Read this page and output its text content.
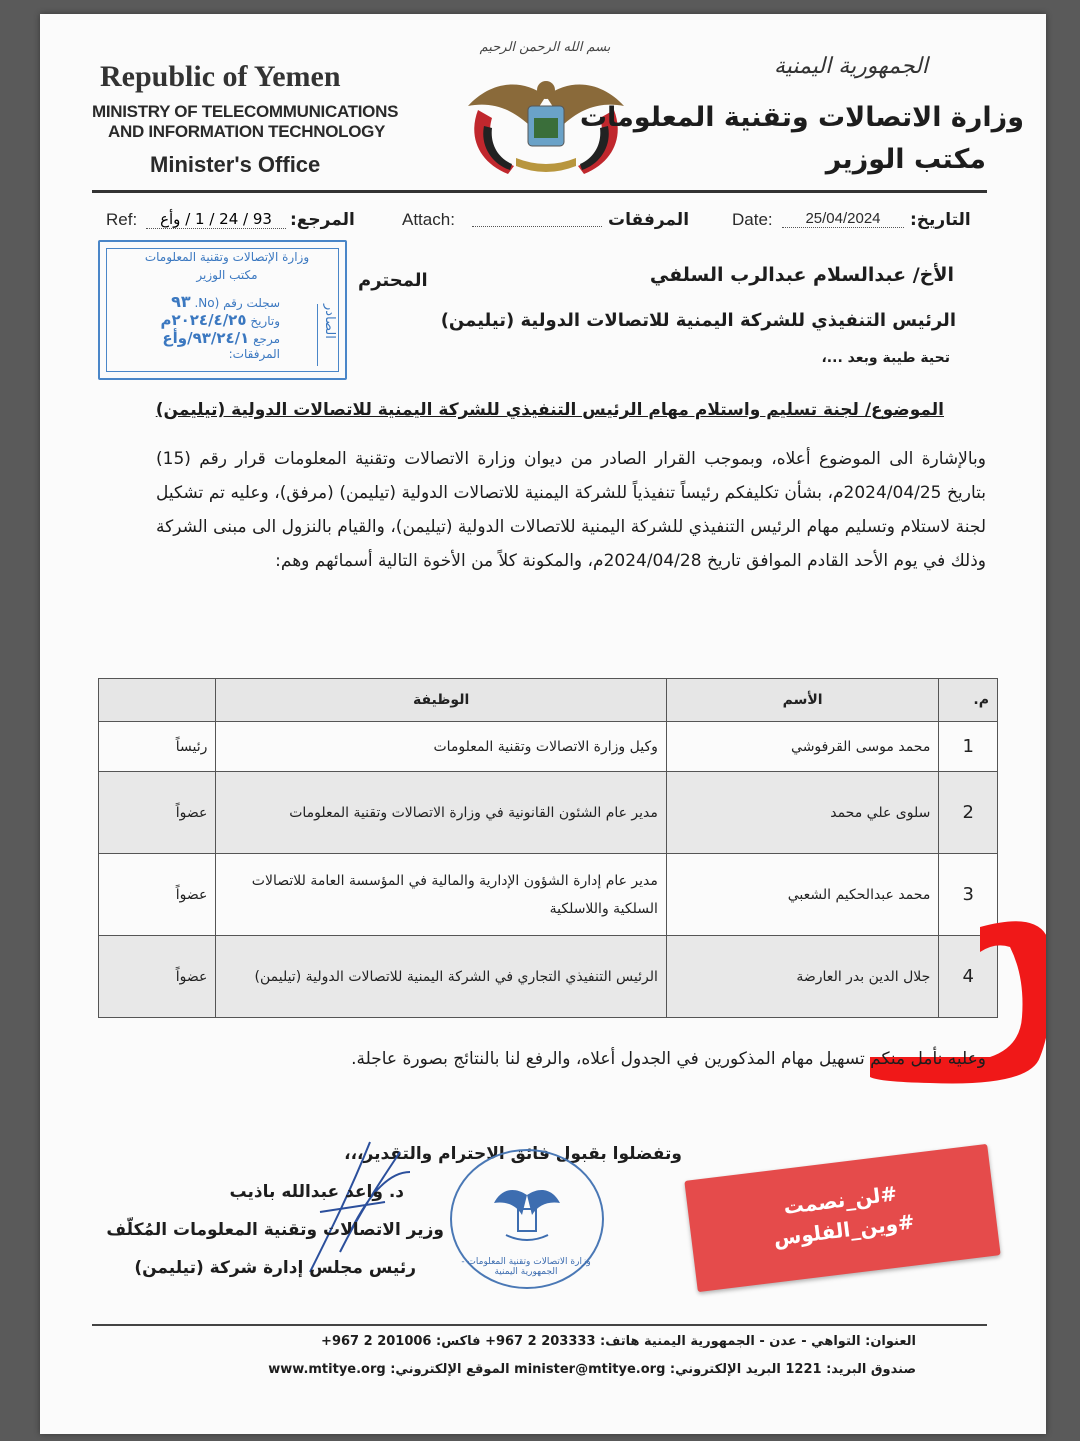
Republic of Yemen
MINISTRY OF TELECOMMUNICATIONS
AND INFORMATION TECHNOLOGY
Minister's Office
بسم الله الرحمن الرحيم
الجمهورية اليمنية
وزارة الاتصالات وتقنية المعلومات
مكتب الوزير
Ref:	93 / 24 / 1 / وأع	المرجع:	Attach:	المرفقات	Date:	25/04/2024	التاريخ:
وزارة الإتصالات وتقنية المعلومات
مكتب الوزير
الصادر
سجلت رقم (No. ٩٣
وتاريخ ٢٠٢٤/٤/٢٥م
مرجع ٩٣/٢٤/١/وأع
المرفقات:
الأخ/ عبدالسلام عبدالرب السلفي
المحترم
الرئيس التنفيذي للشركة اليمنية للاتصالات الدولية (تيليمن)
تحية طيبة وبعد ...،
الموضوع/ لجنة تسليم واستلام مهام الرئيس التنفيذي للشركة اليمنية للاتصالات الدولية (تيليمن)
وبالإشارة الى الموضوع أعلاه، وبموجب القرار الصادر من ديوان وزارة الاتصالات وتقنية المعلومات قرار رقم (15) بتاريخ 2024/04/25م، بشأن تكليفكم رئيساً تنفيذياً للشركة اليمنية للاتصالات الدولية (تيليمن) (مرفق)، وعليه تم تشكيل لجنة لاستلام وتسليم مهام الرئيس التنفيذي للشركة اليمنية للاتصالات الدولية (تيليمن)، والقيام بالنزول الى مبنى الشركة وذلك في يوم الأحد القادم الموافق تاريخ 2024/04/28م، والمكونة كلاً من الأخوة التالية أسمائهم وهم:
م.	الأسم	الوظيفة	
1	محمد موسى القرفوشي	وكيل وزارة الاتصالات وتقنية المعلومات	رئيساً
2	سلوى علي محمد	مدير عام الشئون القانونية في وزارة الاتصالات وتقنية المعلومات	عضواً
3	محمد عبدالحكيم الشعبي	مدير عام إدارة الشؤون الإدارية والمالية في المؤسسة العامة للاتصالات السلكية واللاسلكية	عضواً
4	جلال الدين بدر العارضة	الرئيس التنفيذي التجاري في الشركة اليمنية للاتصالات الدولية (تيليمن)	عضواً
وعليه نأمل منكم تسهيل مهام المذكورين في الجدول أعلاه، والرفع لنا بالنتائج بصورة عاجلة.
وتفضلوا بقبول فائق الاحترام والتقدير،،،
د. واعد عبدالله باذيب
وزير الاتصالات وتقنية المعلومات المُكلّف
رئيس مجلس إدارة شركة (تيليمن)	وزارة الاتصالات وتقنية المعلومات - الجمهورية اليمنية
#لن_نصمت
#وين_الفلوس
العنوان: التواهي - عدن - الجمهورية اليمنية هاتف: 203333 2 967+ فاكس: 201006 2 967+
صندوق البريد: 1221 البريد الإلكتروني: minister@mtitye.org الموقع الإلكتروني: www.mtitye.org
